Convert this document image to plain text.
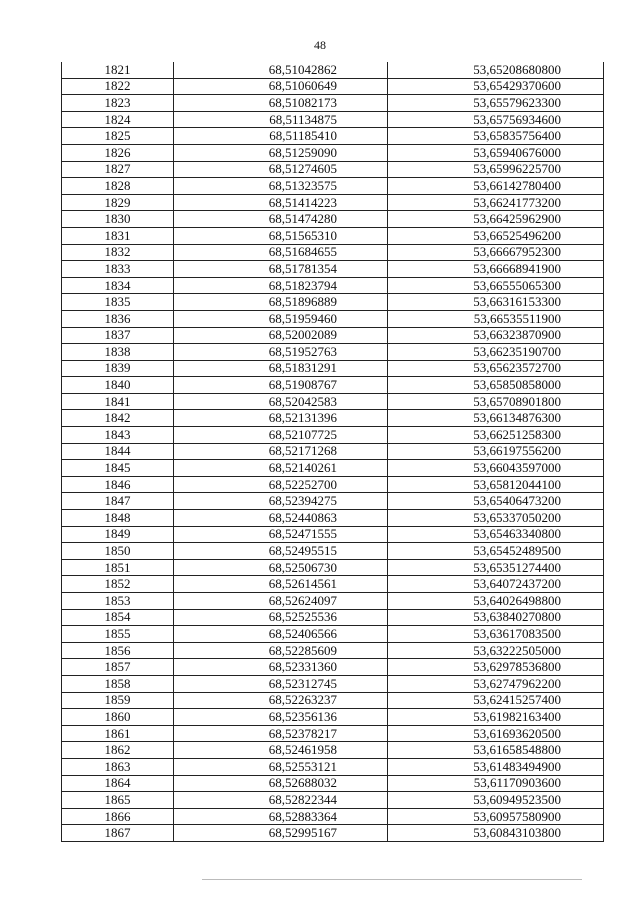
48
1821	68,51042862	53,65208680800
1822	68,51060649	53,65429370600
1823	68,51082173	53,65579623300
1824	68,51134875	53,65756934600
1825	68,51185410	53,65835756400
1826	68,51259090	53,65940676000
1827	68,51274605	53,65996225700
1828	68,51323575	53,66142780400
1829	68,51414223	53,66241773200
1830	68,51474280	53,66425962900
1831	68,51565310	53,66525496200
1832	68,51684655	53,66667952300
1833	68,51781354	53,66668941900
1834	68,51823794	53,66555065300
1835	68,51896889	53,66316153300
1836	68,51959460	53,66535511900
1837	68,52002089	53,66323870900
1838	68,51952763	53,66235190700
1839	68,51831291	53,65623572700
1840	68,51908767	53,65850858000
1841	68,52042583	53,65708901800
1842	68,52131396	53,66134876300
1843	68,52107725	53,66251258300
1844	68,52171268	53,66197556200
1845	68,52140261	53,66043597000
1846	68,52252700	53,65812044100
1847	68,52394275	53,65406473200
1848	68,52440863	53,65337050200
1849	68,52471555	53,65463340800
1850	68,52495515	53,65452489500
1851	68,52506730	53,65351274400
1852	68,52614561	53,64072437200
1853	68,52624097	53,64026498800
1854	68,52525536	53,63840270800
1855	68,52406566	53,63617083500
1856	68,52285609	53,63222505000
1857	68,52331360	53,62978536800
1858	68,52312745	53,62747962200
1859	68,52263237	53,62415257400
1860	68,52356136	53,61982163400
1861	68,52378217	53,61693620500
1862	68,52461958	53,61658548800
1863	68,52553121	53,61483494900
1864	68,52688032	53,61170903600
1865	68,52822344	53,60949523500
1866	68,52883364	53,60957580900
1867	68,52995167	53,60843103800
